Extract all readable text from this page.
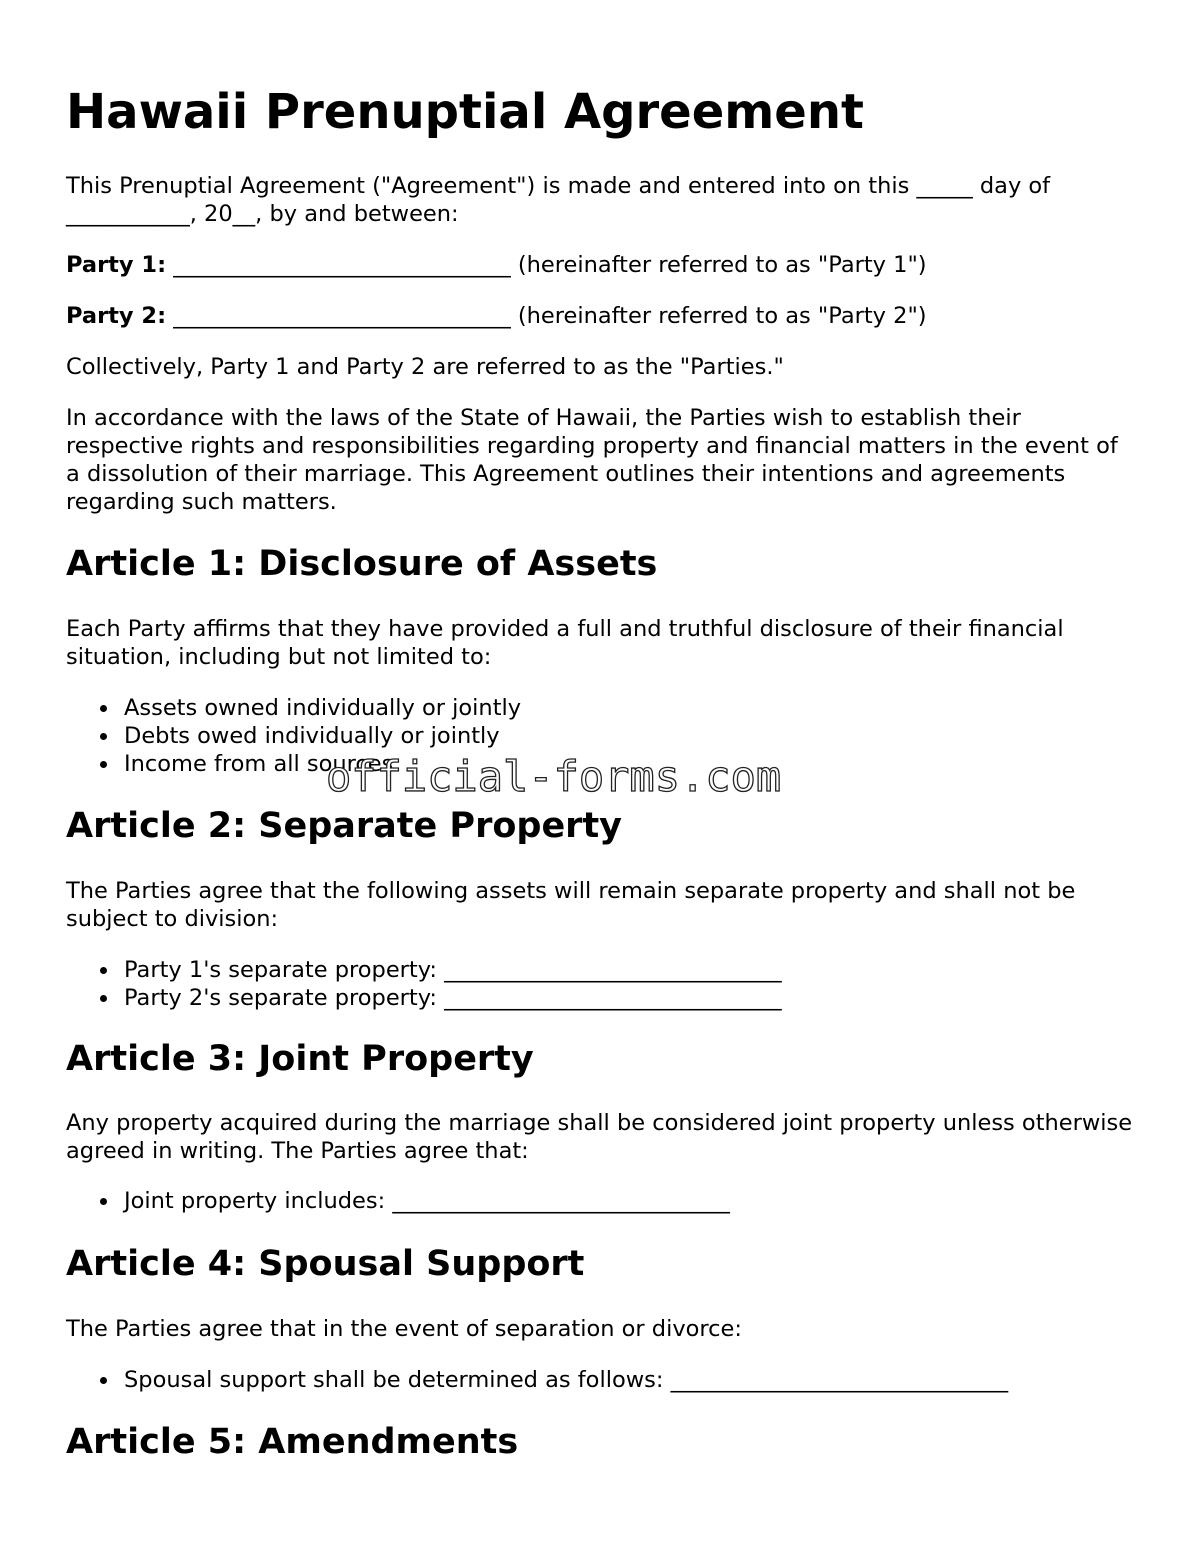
Hawaii Prenuptial Agreement

This Prenuptial Agreement ("Agreement") is made and entered into on this _____ day of ___________, 20__, by and between:

Party 1: ______________________________ (hereinafter referred to as "Party 1")

Party 2: ______________________________ (hereinafter referred to as "Party 2")

Collectively, Party 1 and Party 2 are referred to as the "Parties."

In accordance with the laws of the State of Hawaii, the Parties wish to establish their respective rights and responsibilities regarding property and financial matters in the event of a dissolution of their marriage. This Agreement outlines their intentions and agreements regarding such matters.

Article 1: Disclosure of Assets

Each Party affirms that they have provided a full and truthful disclosure of their financial situation, including but not limited to:

Assets owned individually or jointly
Debts owed individually or jointly
Income from all sources
Article 2: Separate Property

The Parties agree that the following assets will remain separate property and shall not be subject to division:

Party 1's separate property: ______________________________
Party 2's separate property: ______________________________
Article 3: Joint Property

Any property acquired during the marriage shall be considered joint property unless otherwise agreed in writing. The Parties agree that:

Joint property includes: ______________________________
Article 4: Spousal Support

The Parties agree that in the event of separation or divorce:

Spousal support shall be determined as follows: ______________________________
Article 5: Amendments
official-forms.com
